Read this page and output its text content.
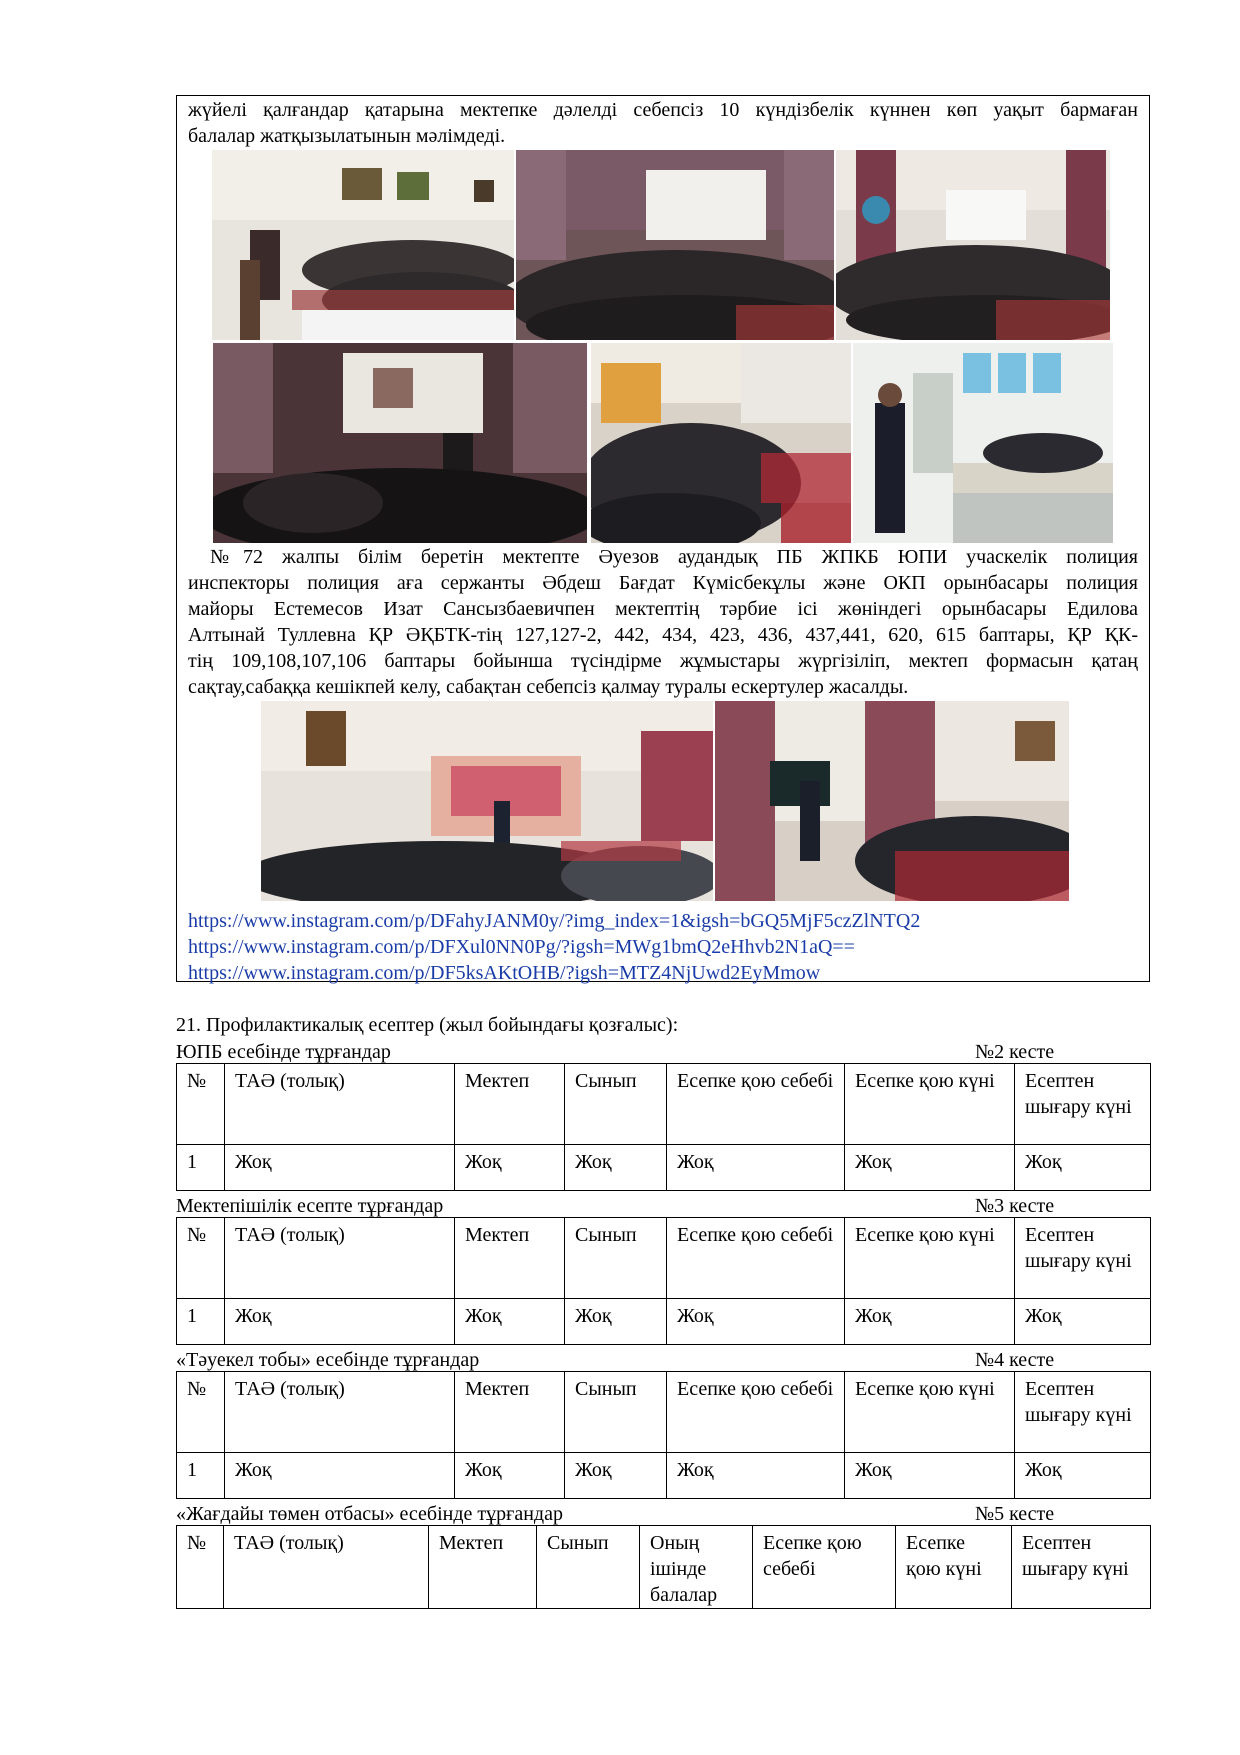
жүйелі қалғандар қатарына мектепке дәлелді себепсіз 10 күндізбелік күннен көп уақыт бармаған
балалар жатқызылатынын мәлімдеді.
№72 жалпы білім беретін мектепте Әуезов аудандық ПБ ЖПКБ ЮПИ учаскелік полиция
инспекторы полиция аға сержанты Әбдеш Бағдат Күмісбекұлы және ОКП орынбасары полиция
майоры Естемесов Изат Сансызбаевичпен мектептің тәрбие ісі жөніндегі орынбасары Едилова
Алтынай Туллевна ҚР ӘҚБТК-тің 127,127-2, 442, 434, 423, 436, 437,441, 620, 615 баптары, ҚР ҚК-
тің 109,108,107,106 баптары бойынша түсіндірме жұмыстары жүргізіліп, мектеп формасын қатаң
сақтау,сабаққа кешікпей келу, сабақтан себепсіз қалмау туралы ескертулер жасалды.
https://www.instagram.com/p/DFahyJANM0y/?img_index=1&igsh=bGQ5MjF5czZlNTQ2
https://www.instagram.com/p/DFXul0NN0Pg/?igsh=MWg1bmQ2eHhvb2N1aQ==
https://www.instagram.com/p/DF5ksAKtOHB/?igsh=MTZ4NjUwd2EyMmow
21. Профилактикалық есептер (жыл бойындағы қозғалыс):
ЮПБ есебінде тұрғандар	№2 кесте
№	ТАӘ (толық)	Мектеп	Сынып	Есепке қою себебі	Есепке қою күні	Есептен шығару күні
1	Жоқ	Жоқ	Жоқ	Жоқ	Жоқ	Жоқ
Мектепішілік есепте тұрғандар	№3 кесте
№	ТАӘ (толық)	Мектеп	Сынып	Есепке қою себебі	Есепке қою күні	Есептен шығару күні
1	Жоқ	Жоқ	Жоқ	Жоқ	Жоқ	Жоқ
«Тәуекел тобы» есебінде тұрғандар	№4 кесте
№	ТАӘ (толық)	Мектеп	Сынып	Есепке қою себебі	Есепке қою күні	Есептен шығару күні
1	Жоқ	Жоқ	Жоқ	Жоқ	Жоқ	Жоқ
«Жағдайы төмен отбасы» есебінде тұрғандар	№5 кесте
№	ТАӘ (толық)	Мектеп	Сынып	Оның ішінде балалар	Есепке қою себебі	Есепке қою күні	Есептен шығару күні
